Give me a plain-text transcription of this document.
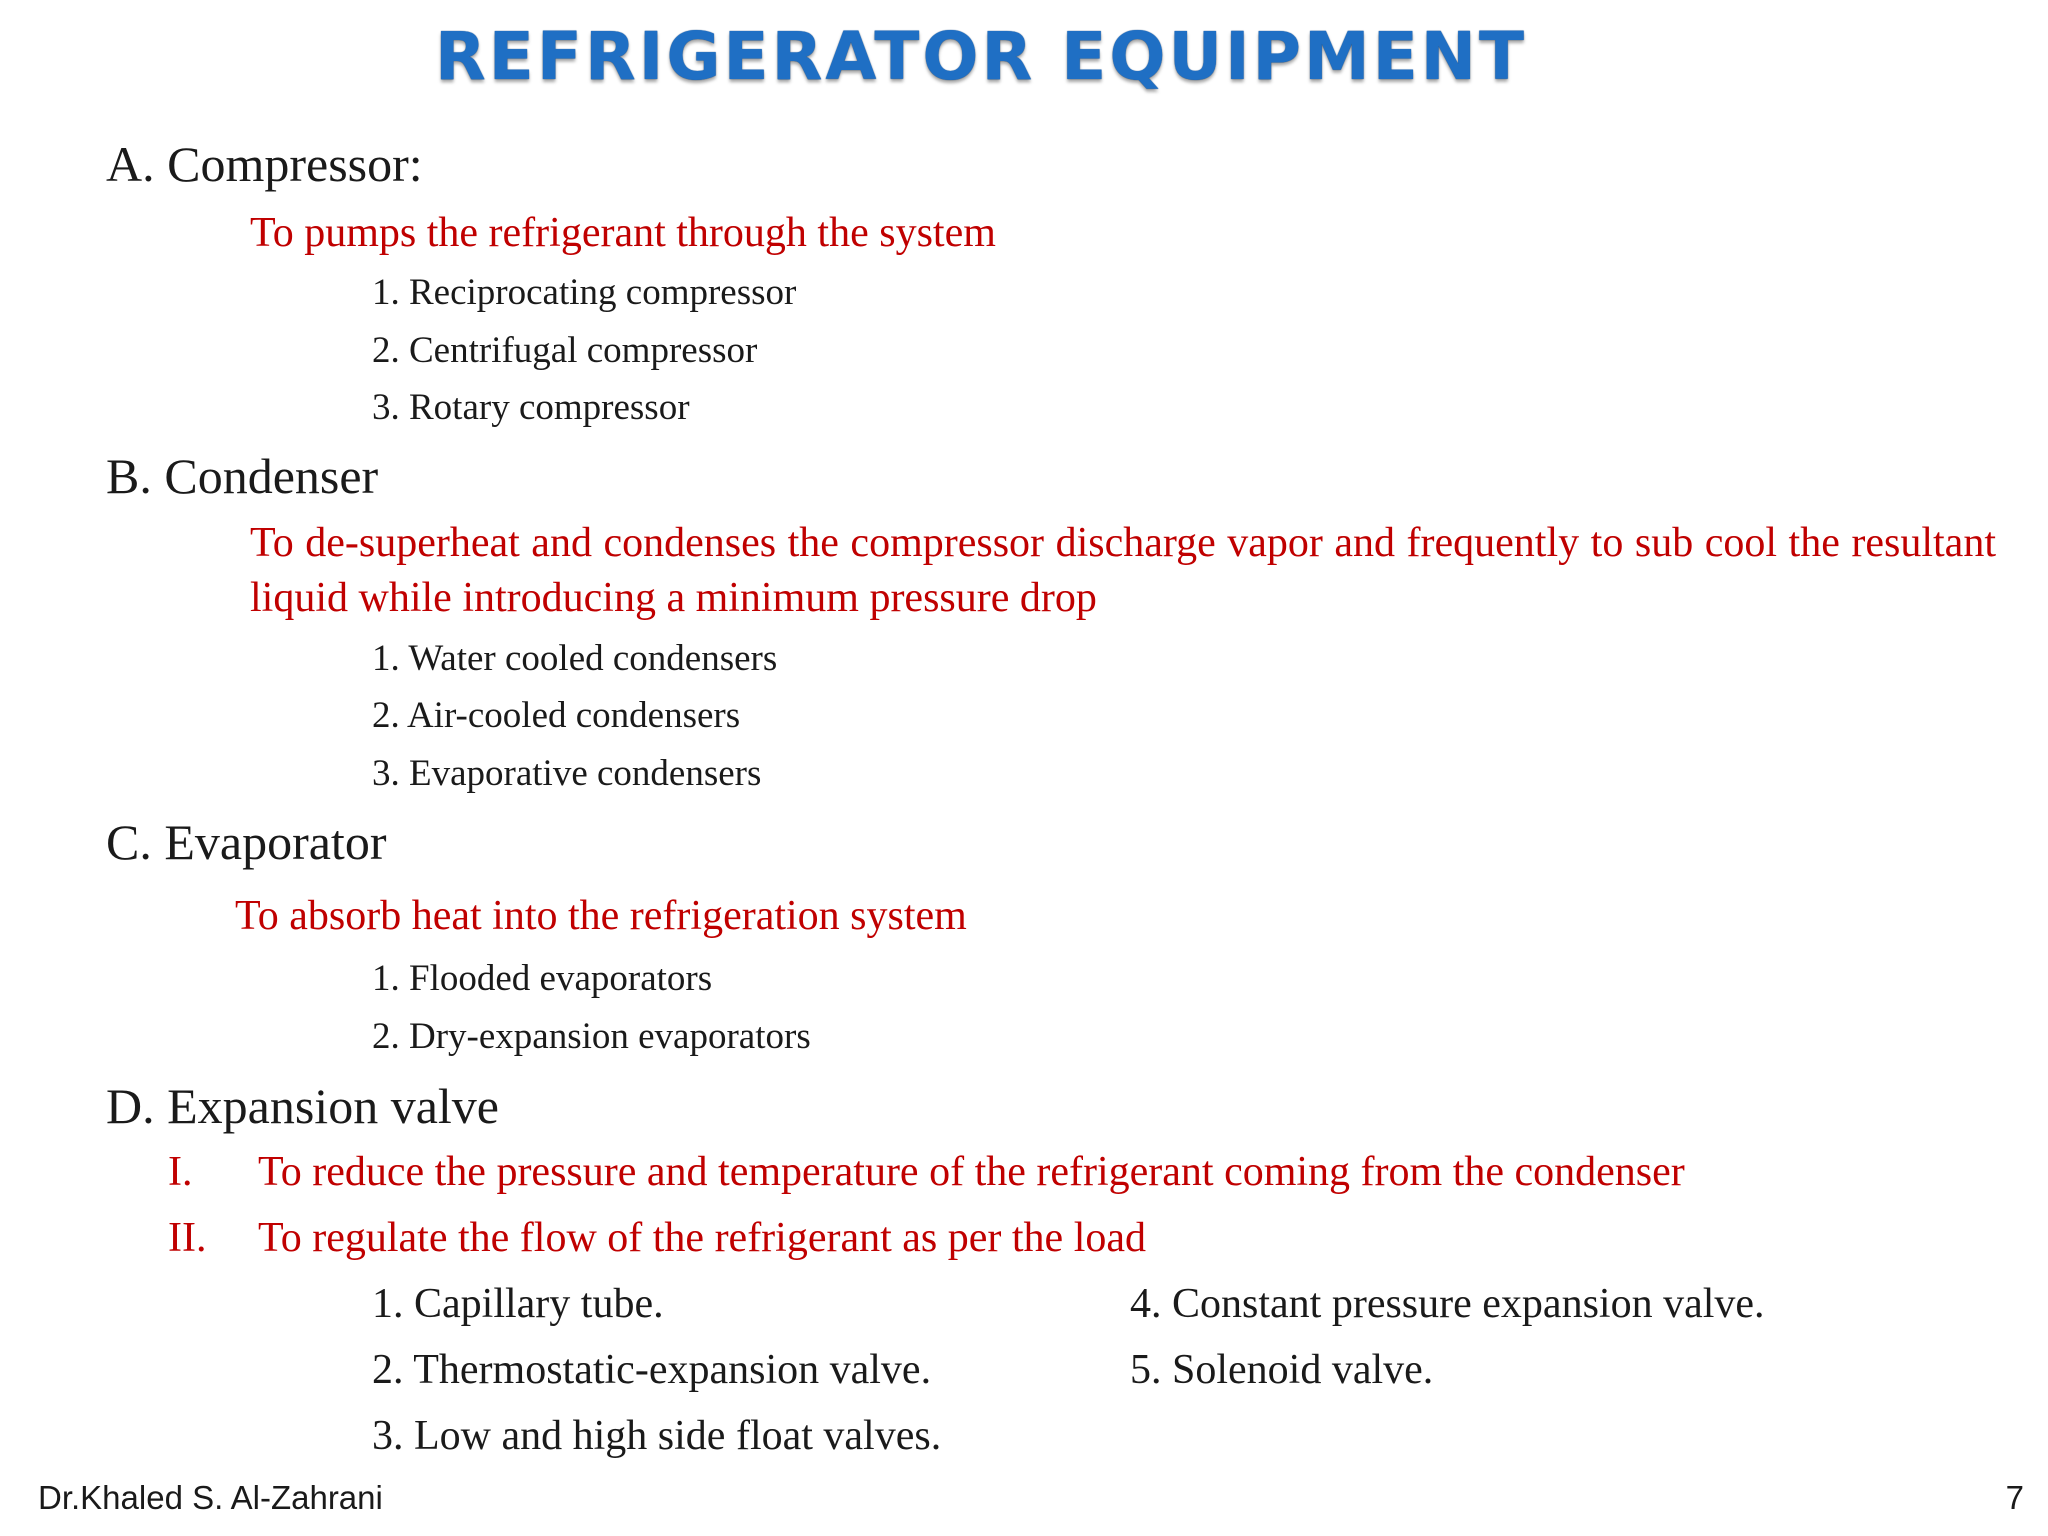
REFRIGERATOR EQUIPMENT
A. Compressor:
To pumps the refrigerant through the system
1. Reciprocating compressor
2. Centrifugal compressor
3. Rotary compressor
B. Condenser
To de-superheat and condenses the compressor discharge vapor and frequently to sub cool the resultant liquid while introducing a minimum pressure drop
1. Water cooled condensers
2. Air-cooled condensers
3. Evaporative condensers
C. Evaporator
To absorb heat into the refrigeration system
1. Flooded evaporators
2. Dry-expansion evaporators
D. Expansion valve
I. To reduce the pressure and temperature of the refrigerant coming from the condenser
II. To regulate the flow of the refrigerant as per the load
1. Capillary tube.
2. Thermostatic-expansion valve.
3. Low and high side float valves.
4. Constant pressure expansion valve.
5. Solenoid valve.
Dr.Khaled S. Al-Zahrani	7
